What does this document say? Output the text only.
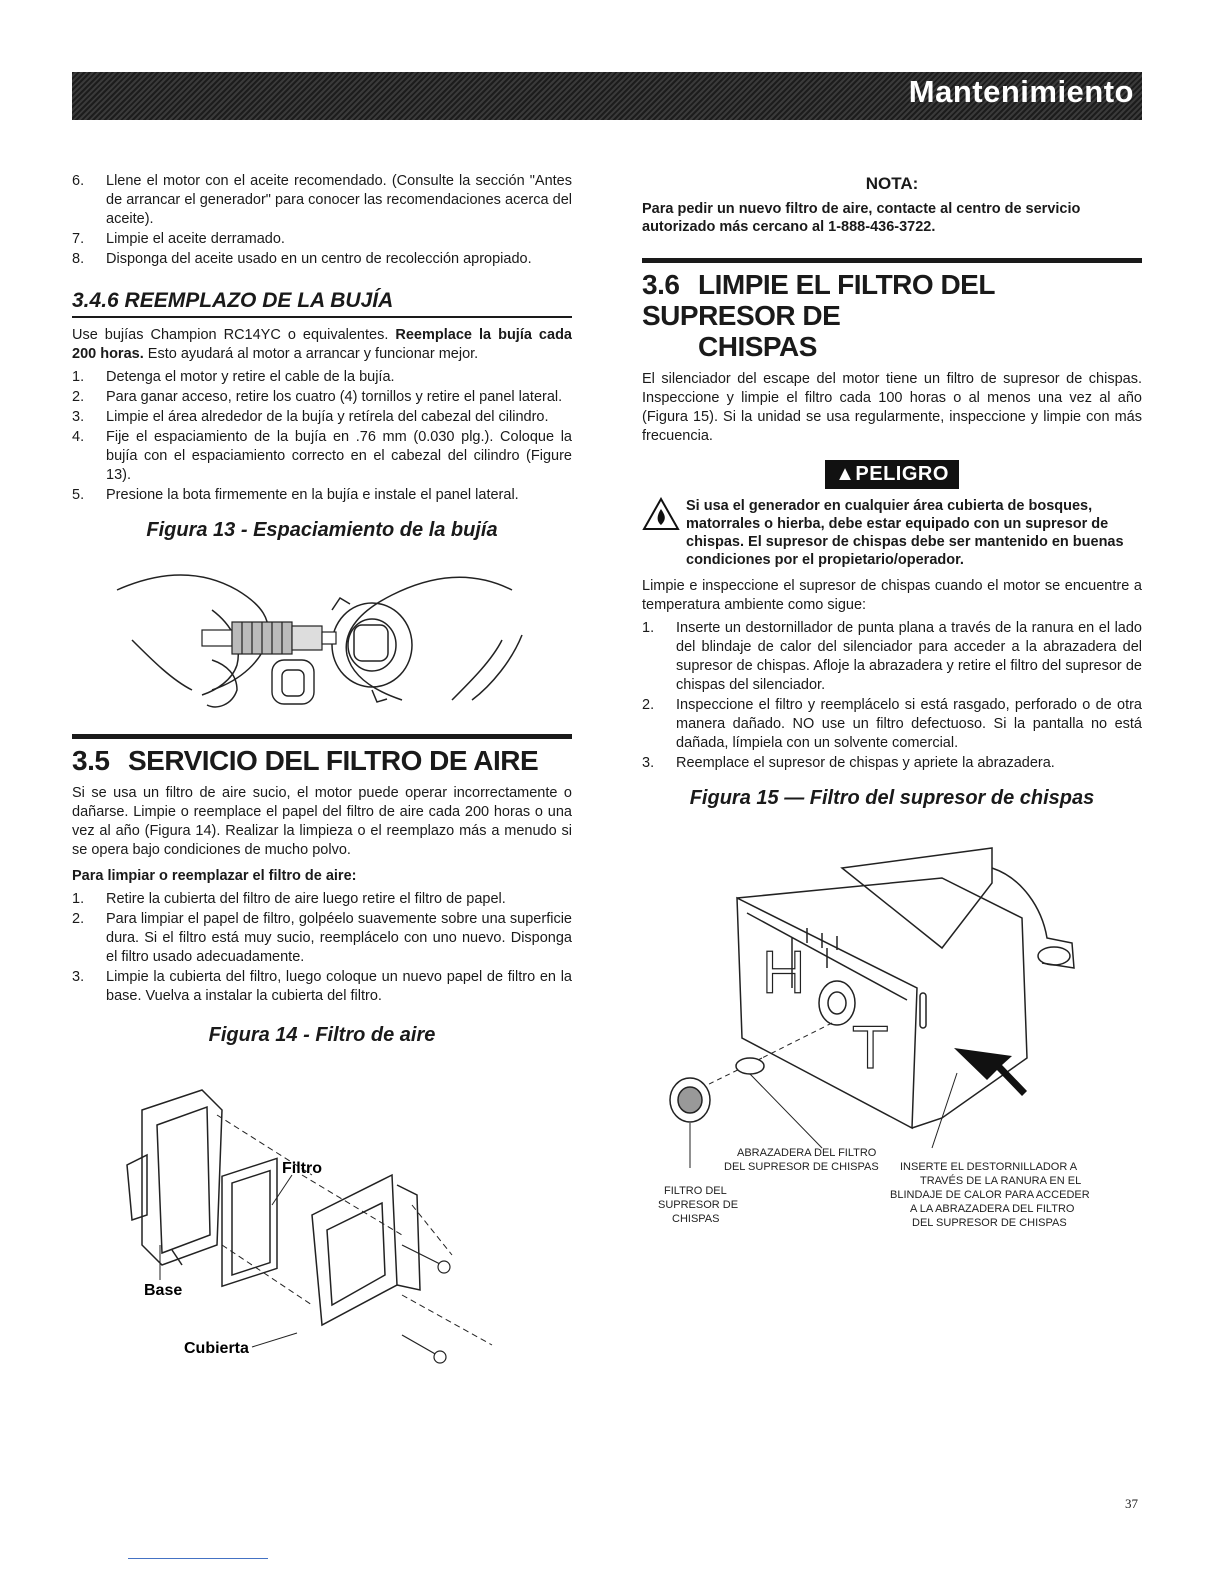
Mantenimiento
6. Llene el motor con el aceite recomendado. (Consulte la sección "Antes de arrancar el generador" para conocer las recomendaciones acerca del aceite).
7. Limpie el aceite derramado.
8. Disponga del aceite usado en un centro de recolección apropiado.
3.4.6 REEMPLAZO DE LA BUJÍA

Use bujías Champion RC14YC o equivalentes. Reemplace la bujía cada 200 horas. Esto ayudará al motor a arrancar y funcionar mejor.

1. Detenga el motor y retire el cable de la bujía.
2. Para ganar acceso, retire los cuatro (4) tornillos y retire el panel lateral.
3. Limpie el área alrededor de la bujía y retírela del cabezal del cilindro.
4. Fije el espaciamiento de la bujía en .76 mm (0.030 plg.). Coloque la bujía con el espaciamiento correcto en el cabezal del cilindro (Figure 13).
5. Presione la bota firmemente en la bujía e instale el panel lateral.
Figura 13 - Espaciamiento de la bujía
3.5 SERVICIO DEL FILTRO DE AIRE

Si se usa un filtro de aire sucio, el motor puede operar incorrectamente o dañarse. Limpie o reemplace el papel del filtro de aire cada 200 horas o una vez al año (Figura 14). Realizar la limpieza o el reemplazo más a menudo si se opera bajo condiciones de mucho polvo.

Para limpiar o reemplazar el filtro de aire:
1. Retire la cubierta del filtro de aire luego retire el filtro de papel.
2. Para limpiar el papel de filtro, golpéelo suavemente sobre una superficie dura. Si el filtro está muy sucio, reemplácelo con uno nuevo. Disponga el filtro usado adecuadamente.
3. Limpie la cubierta del filtro, luego coloque un nuevo papel de filtro en la base. Vuelva a instalar la cubierta del filtro.
Figura 14 - Filtro de aire
Filtro
Base
Cubierta
NOTA:
Para pedir un nuevo filtro de aire, contacte al centro de servicio autorizado más cercano al 1-888-436-3722.
3.6 LIMPIE EL FILTRO DEL SUPRESOR DE
CHISPAS

El silenciador del escape del motor tiene un filtro de supresor de chispas. Inspeccione y limpie el filtro cada 100 horas o al menos una vez al año (Figura 15). Si la unidad se usa regularmente, inspeccione y limpie con más frecuencia.

▲PELIGRO
Si usa el generador en cualquier área cubierta de bosques, matorrales o hierba, debe estar equipado con un supresor de chispas. El supresor de chispas debe ser mantenido en buenas condiciones por el propietario/operador.

Limpie e inspeccione el supresor de chispas cuando el motor se encuentre a temperatura ambiente como sigue:

1. Inserte un destornillador de punta plana a través de la ranura en el lado del blindaje de calor del silenciador para acceder a la abrazadera del supresor de chispas. Afloje la abrazadera y retire el filtro del supresor de chispas del silenciador.
2. Inspeccione el filtro y reemplácelo si está rasgado, perforado o de otra manera dañado. NO use un filtro defectuoso. Si la pantalla no está dañada, límpiela con un solvente comercial.
3. Reemplace el supresor de chispas y apriete la abrazadera.
Figura 15 — Filtro del supresor de chispas
H
T
ABRAZADERA DEL FILTRO
DEL SUPRESOR DE CHISPAS
FILTRO DEL
SUPRESOR DE
CHISPAS
INSERTE EL DESTORNILLADOR A
TRAVÉS DE LA RANURA EN EL
BLINDAJE DE CALOR PARA ACCEDER
A LA ABRAZADERA DEL FILTRO
DEL SUPRESOR DE CHISPAS
37
